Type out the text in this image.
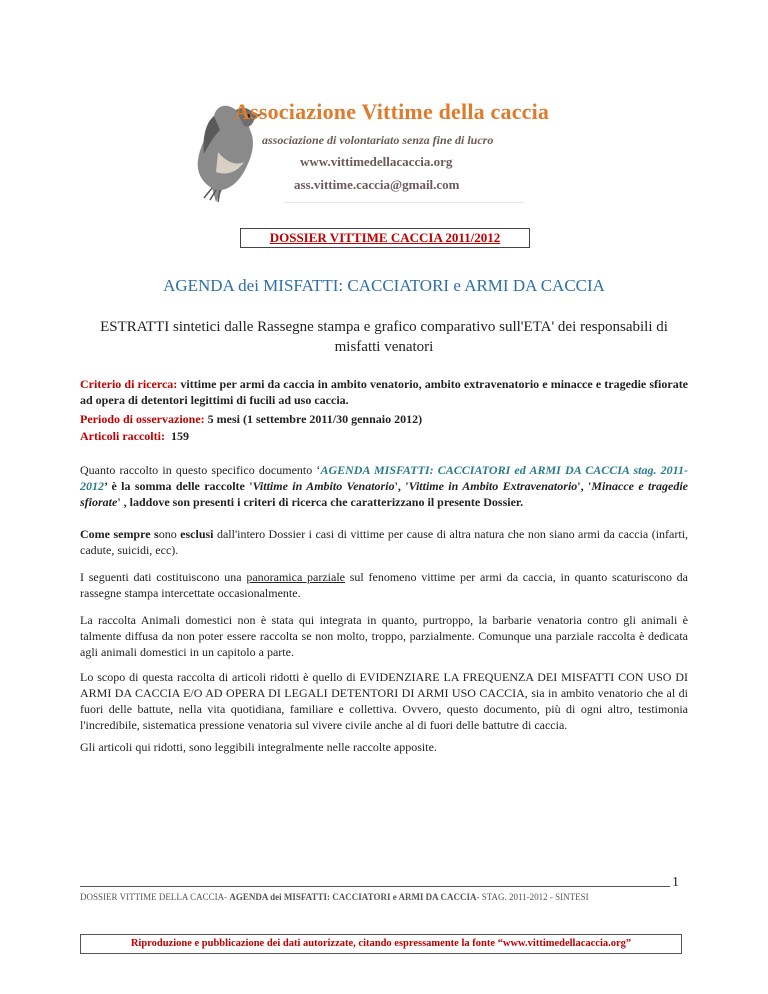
Associazione Vittime della caccia
associazione di volontariato senza fine di lucro
www.vittimedellacaccia.org
ass.vittime.caccia@gmail.com
DOSSIER VITTIME CACCIA 2011/2012
AGENDA dei MISFATTI: CACCIATORI e ARMI DA CACCIA
ESTRATTI sintetici dalle Rassegne stampa e grafico comparativo sull'ETA' dei responsabili di misfatti venatori
Criterio di ricerca: vittime per armi da caccia in ambito venatorio, ambito extravenatorio e minacce e tragedie sfiorate ad opera di detentori legittimi di fucili ad uso caccia.
Periodo di osservazione: 5 mesi (1 settembre 2011/30 gennaio 2012)
Articoli raccolti: 159
Quanto raccolto in questo specifico documento ‘AGENDA MISFATTI: CACCIATORI ed ARMI DA CACCIA stag. 2011-2012’ è la somma delle raccolte 'Vittime in Ambito Venatorio', 'Vittime in Ambito Extravenatorio', 'Minacce e tragedie sfiorate' , laddove son presenti i criteri di ricerca che caratterizzano il presente Dossier.
Come sempre sono esclusi dall'intero Dossier i casi di vittime per cause di altra natura che non siano armi da caccia (infarti, cadute, suicidi, ecc).
I seguenti dati costituiscono una panoramica parziale sul fenomeno vittime per armi da caccia, in quanto scaturiscono da rassegne stampa intercettate occasionalmente.
La raccolta Animali domestici non è stata qui integrata in quanto, purtroppo, la barbarie venatoria contro gli animali è talmente diffusa da non poter essere raccolta se non molto, troppo, parzialmente. Comunque una parziale raccolta è dedicata agli animali domestici in un capitolo a parte.
Lo scopo di questa raccolta di articoli ridotti è quello di EVIDENZIARE LA FREQUENZA DEI MISFATTI CON USO DI ARMI DA CACCIA E/O AD OPERA DI LEGALI DETENTORI DI ARMI USO CACCIA, sia in ambito venatorio che al di fuori delle battute, nella vita quotidiana, familiare e collettiva. Ovvero, questo documento, più di ogni altro, testimonia l'incredibile, sistematica pressione venatoria sul vivere civile anche al di fuori delle battutre di caccia.
Gli articoli qui ridotti, sono leggibili integralmente nelle raccolte apposite.
1
DOSSIER VITTIME DELLA CACCIA- AGENDA dei MISFATTI: CACCIATORI e ARMI DA CACCIA- STAG. 2011-2012 - SINTESI
Riproduzione e pubblicazione dei dati autorizzate, citando espressamente la fonte “www.vittimedellacaccia.org”
